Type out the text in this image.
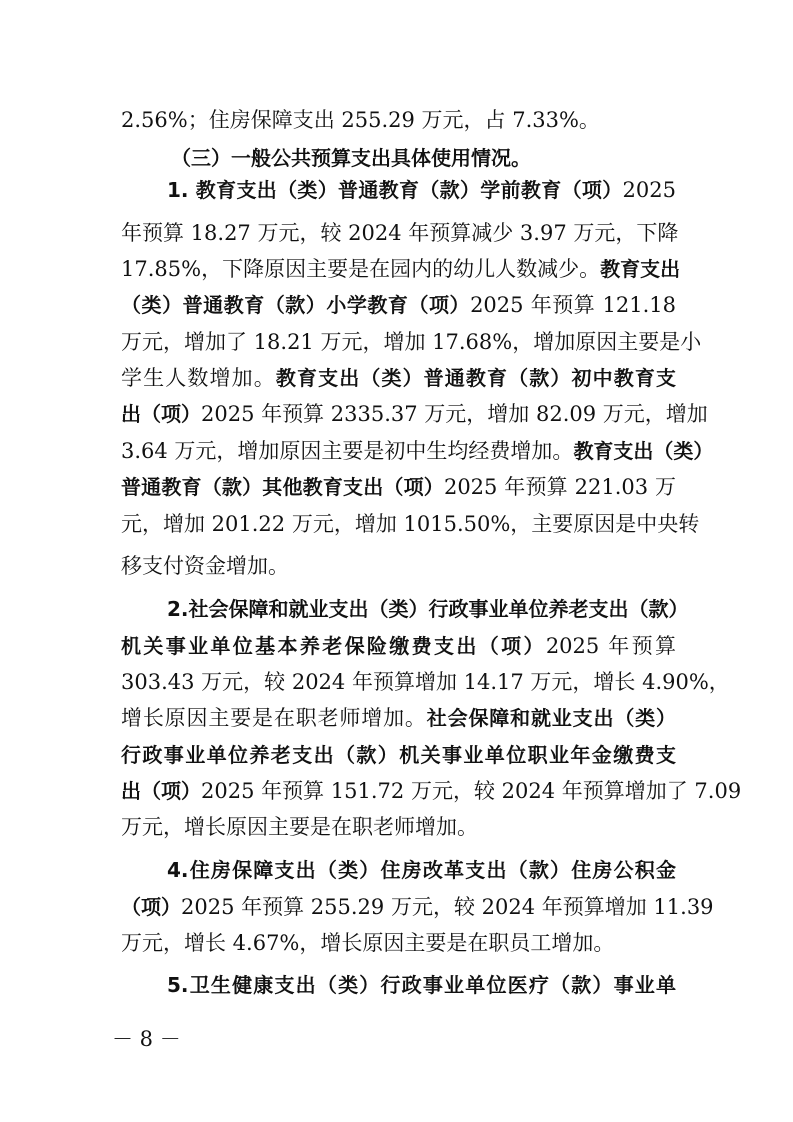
2.56%；住房保障支出 255.29 万元，占 7.33%。
（三）一般公共预算支出具体使用情况。
1. 教育支出（类）普通教育（款）学前教育（项）2025
年预算 18.27 万元，较 2024 年预算减少 3.97 万元，下降
17.85%，下降原因主要是在园内的幼儿人数减少。教育支出
（类）普通教育（款）小学教育（项）2025 年预算 121.18
万元，增加了 18.21 万元，增加 17.68%，增加原因主要是小
学生人数增加。教育支出（类）普通教育（款）初中教育支
出（项）2025 年预算 2335.37 万元，增加 82.09 万元，增加
3.64 万元，增加原因主要是初中生均经费增加。教育支出（类）
普通教育（款）其他教育支出（项）2025 年预算 221.03 万
元，增加 201.22 万元，增加 1015.50%，主要原因是中央转
移支付资金增加。
2.社会保障和就业支出（类）行政事业单位养老支出（款）
机关事业单位基本养老保险缴费支出（项）2025 年预算
303.43 万元，较 2024 年预算增加 14.17 万元，增长 4.90%，
增长原因主要是在职老师增加。社会保障和就业支出（类）
行政事业单位养老支出（款）机关事业单位职业年金缴费支
出（项）2025 年预算 151.72 万元，较 2024 年预算增加了 7.09
万元，增长原因主要是在职老师增加。
4.住房保障支出（类）住房改革支出（款）住房公积金
（项）2025 年预算 255.29 万元，较 2024 年预算增加 11.39
万元，增长 4.67%，增长原因主要是在职员工增加。
5.卫生健康支出（类）行政事业单位医疗（款）事业单
－ 8 －
